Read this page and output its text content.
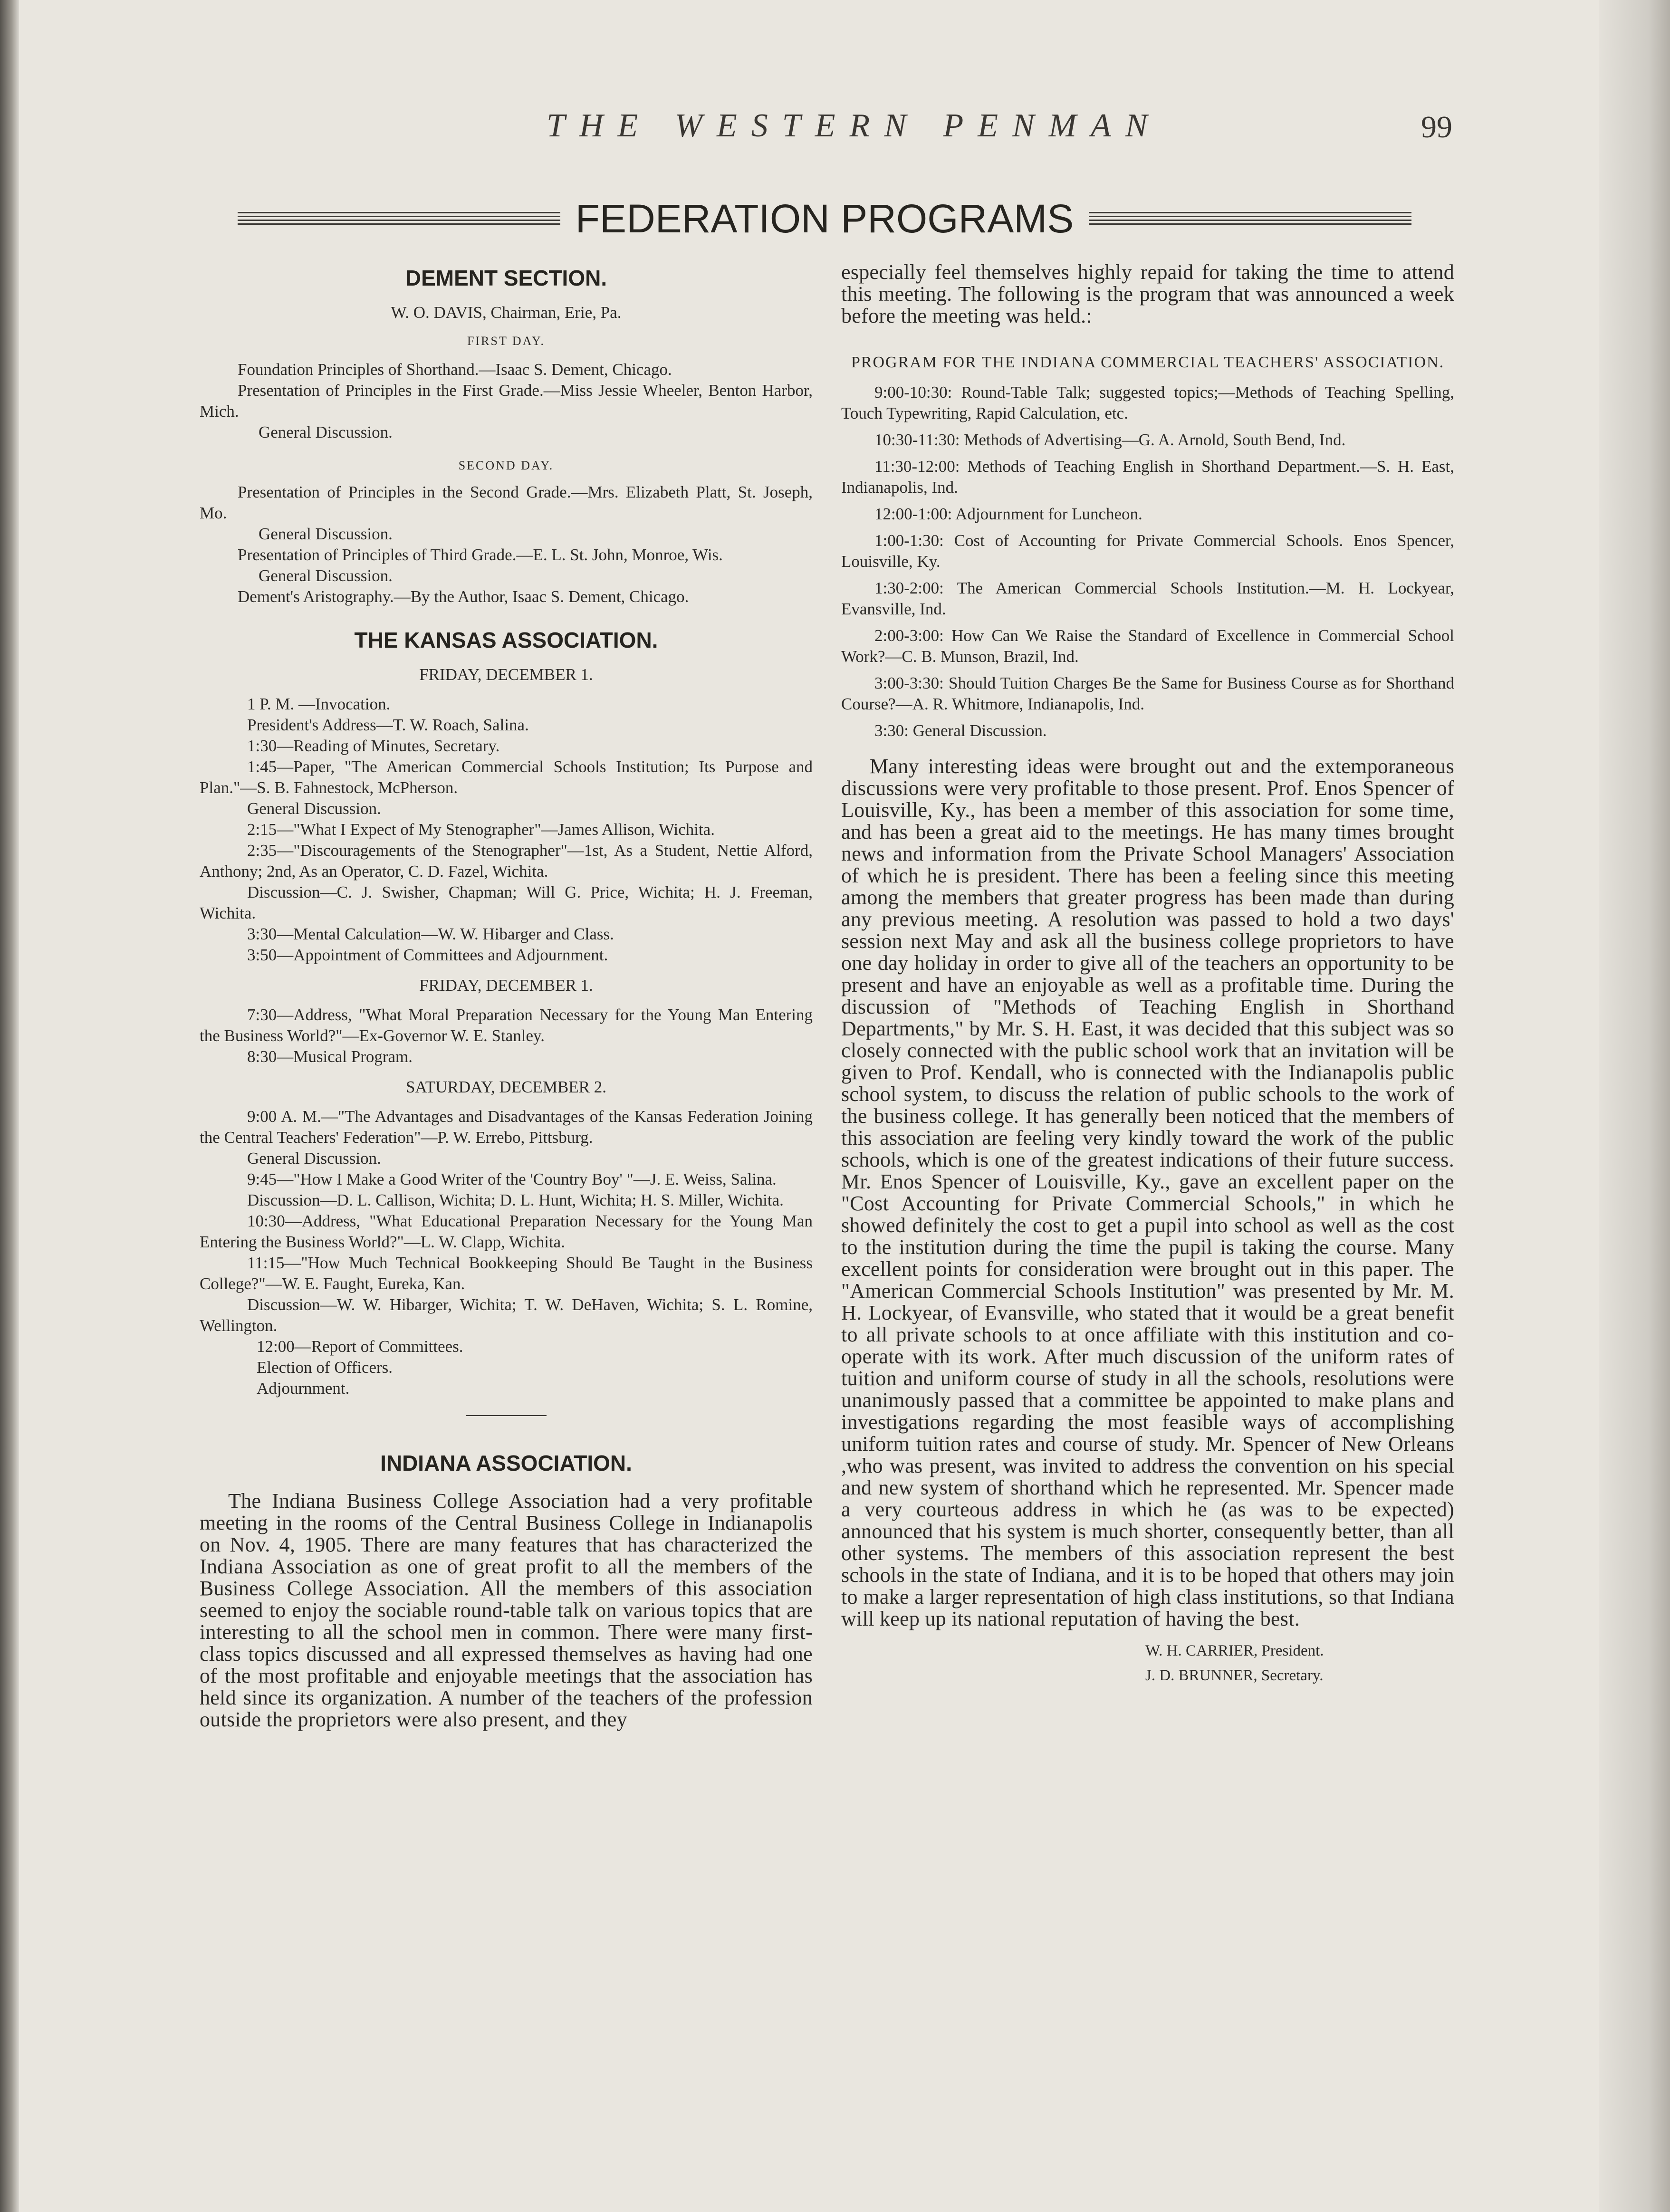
THE WESTERN PENMAN	99
FEDERATION PROGRAMS
DEMENT SECTION.

W. O. DAVIS, Chairman, Erie, Pa.

FIRST DAY.

Foundation Principles of Shorthand.—Isaac S. Dement, Chicago.

Presentation of Principles in the First Grade.—Miss Jessie Wheeler, Benton Harbor, Mich.

General Discussion.

SECOND DAY.

Presentation of Principles in the Second Grade.—Mrs. Elizabeth Platt, St. Joseph, Mo.

General Discussion.

Presentation of Principles of Third Grade.—E. L. St. John, Monroe, Wis.

General Discussion.

Dement's Aristography.—By the Author, Isaac S. Dement, Chicago.

THE KANSAS ASSOCIATION.

FRIDAY, DECEMBER 1.

1 P. M. —Invocation.

President's Address—T. W. Roach, Salina.

1:30—Reading of Minutes, Secretary.

1:45—Paper, "The American Commercial Schools Institution; Its Purpose and Plan."—S. B. Fahnestock, McPherson.

General Discussion.

2:15—"What I Expect of My Stenographer"—James Allison, Wichita.

2:35—"Discouragements of the Stenographer"—1st, As a Student, Nettie Alford, Anthony; 2nd, As an Operator, C. D. Fazel, Wichita.

Discussion—C. J. Swisher, Chapman; Will G. Price, Wichita; H. J. Freeman, Wichita.

3:30—Mental Calculation—W. W. Hibarger and Class.

3:50—Appointment of Committees and Adjournment.

FRIDAY, DECEMBER 1.

7:30—Address, "What Moral Preparation Necessary for the Young Man Entering the Business World?"—Ex-Governor W. E. Stanley.

8:30—Musical Program.

SATURDAY, DECEMBER 2.

9:00 A. M.—"The Advantages and Disadvantages of the Kansas Federation Joining the Central Teachers' Federation"—P. W. Errebo, Pittsburg.

General Discussion.

9:45—"How I Make a Good Writer of the 'Country Boy' "—J. E. Weiss, Salina.

Discussion—D. L. Callison, Wichita; D. L. Hunt, Wichita; H. S. Miller, Wichita.

10:30—Address, "What Educational Preparation Necessary for the Young Man Entering the Business World?"—L. W. Clapp, Wichita.

11:15—"How Much Technical Bookkeeping Should Be Taught in the Business College?"—W. E. Faught, Eureka, Kan.

Discussion—W. W. Hibarger, Wichita; T. W. DeHaven, Wichita; S. L. Romine, Wellington.

12:00—Report of Committees.

Election of Officers.

Adjournment.

INDIANA ASSOCIATION.

The Indiana Business College Association had a very profitable meeting in the rooms of the Central Business College in Indianapolis on Nov. 4, 1905. There are many features that has characterized the Indiana Association as one of great profit to all the members of the Business College Association. All the members of this association seemed to enjoy the sociable round-table talk on various topics that are interesting to all the school men in common. There were many first-class topics discussed and all expressed themselves as having had one of the most profitable and enjoyable meetings that the association has held since its organization. A number of the teachers of the profession outside the proprietors were also present, and they

especially feel themselves highly repaid for taking the time to attend this meeting. The following is the program that was announced a week before the meeting was held.:

PROGRAM FOR THE INDIANA COMMERCIAL TEACHERS' ASSOCIATION.

9:00-10:30: Round-Table Talk; suggested topics;—Methods of Teaching Spelling, Touch Typewriting, Rapid Calculation, etc.

10:30-11:30: Methods of Advertising—G. A. Arnold, South Bend, Ind.

11:30-12:00: Methods of Teaching English in Shorthand Department.—S. H. East, Indianapolis, Ind.

12:00-1:00: Adjournment for Luncheon.

1:00-1:30: Cost of Accounting for Private Commercial Schools. Enos Spencer, Louisville, Ky.

1:30-2:00: The American Commercial Schools Institution.—M. H. Lockyear, Evansville, Ind.

2:00-3:00: How Can We Raise the Standard of Excellence in Commercial School Work?—C. B. Munson, Brazil, Ind.

3:00-3:30: Should Tuition Charges Be the Same for Business Course as for Shorthand Course?—A. R. Whitmore, Indianapolis, Ind.

3:30: General Discussion.

Many interesting ideas were brought out and the extemporaneous discussions were very profitable to those present. Prof. Enos Spencer of Louisville, Ky., has been a member of this association for some time, and has been a great aid to the meetings. He has many times brought news and information from the Private School Managers' Association of which he is president. There has been a feeling since this meeting among the members that greater progress has been made than during any previous meeting. A resolution was passed to hold a two days' session next May and ask all the business college proprietors to have one day holiday in order to give all of the teachers an opportunity to be present and have an enjoyable as well as a profitable time. During the discussion of "Methods of Teaching English in Shorthand Departments," by Mr. S. H. East, it was decided that this subject was so closely connected with the public school work that an invitation will be given to Prof. Kendall, who is connected with the Indianapolis public school system, to discuss the relation of public schools to the work of the business college. It has generally been noticed that the members of this association are feeling very kindly toward the work of the public schools, which is one of the greatest indications of their future success. Mr. Enos Spencer of Louisville, Ky., gave an excellent paper on the "Cost Accounting for Private Commercial Schools," in which he showed definitely the cost to get a pupil into school as well as the cost to the institution during the time the pupil is taking the course. Many excellent points for consideration were brought out in this paper. The "American Commercial Schools Institution" was presented by Mr. M. H. Lockyear, of Evansville, who stated that it would be a great benefit to all private schools to at once affiliate with this institution and co-operate with its work. After much discussion of the uniform rates of tuition and uniform course of study in all the schools, resolutions were unanimously passed that a committee be appointed to make plans and investigations regarding the most feasible ways of accomplishing uniform tuition rates and course of study. Mr. Spencer of New Orleans ,who was present, was invited to address the convention on his special and new system of shorthand which he represented. Mr. Spencer made a very courteous address in which he (as was to be expected) announced that his system is much shorter, consequently better, than all other systems. The members of this association represent the best schools in the state of Indiana, and it is to be hoped that others may join to make a larger representation of high class institutions, so that Indiana will keep up its national reputation of having the best.

W. H. CARRIER, President.

J. D. BRUNNER, Secretary.
